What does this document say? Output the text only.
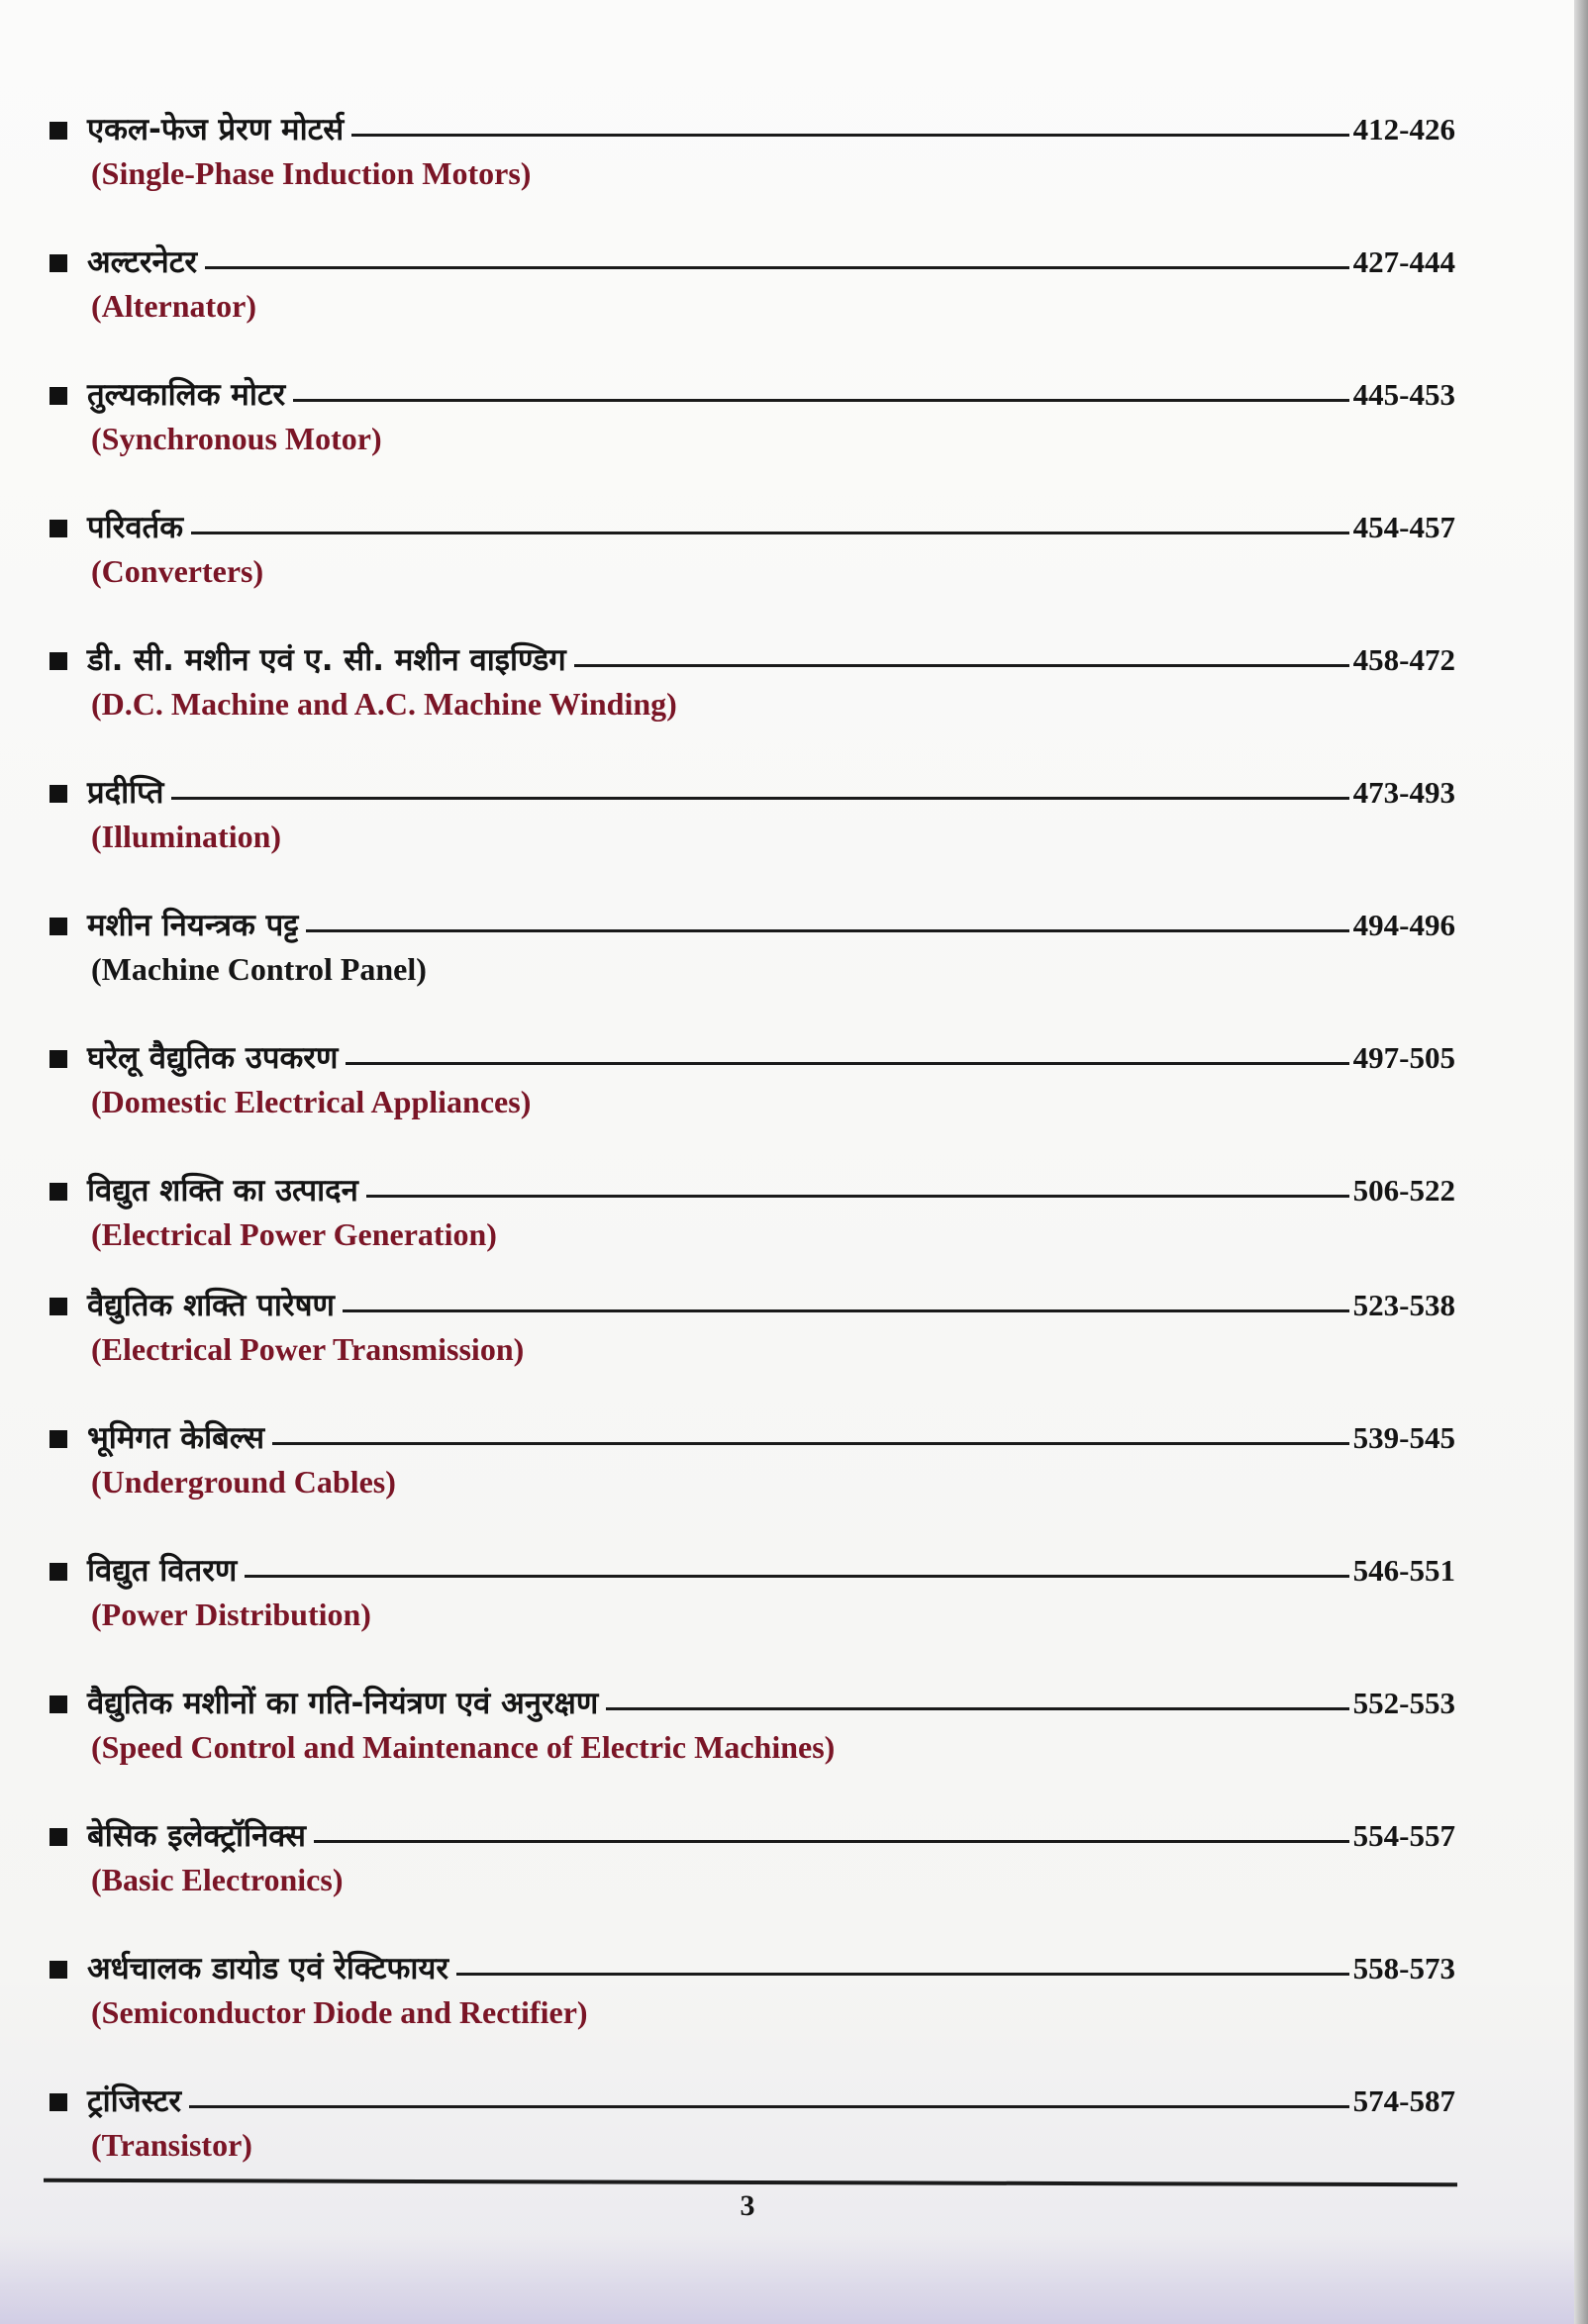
एकल-फेज प्रेरण मोटर्स	412-426
(Single-Phase Induction Motors)
अल्टरनेटर	427-444
(Alternator)
तुल्यकालिक मोटर	445-453
(Synchronous Motor)
परिवर्तक	454-457
(Converters)
डी. सी. मशीन एवं ए. सी. मशीन वाइण्डिग	458-472
(D.C. Machine and A.C. Machine Winding)
प्रदीप्ति	473-493
(Illumination)
मशीन नियन्त्रक पट्ट	494-496
(Machine Control Panel)
घरेलू वैद्युतिक उपकरण	497-505
(Domestic Electrical Appliances)
विद्युत शक्ति का उत्पादन	506-522
(Electrical Power Generation)
वैद्युतिक शक्ति पारेषण	523-538
(Electrical Power Transmission)
भूमिगत केबिल्स	539-545
(Underground Cables)
विद्युत वितरण	546-551
(Power Distribution)
वैद्युतिक मशीनों का गति-नियंत्रण एवं अनुरक्षण	552-553
(Speed Control and Maintenance of Electric Machines)
बेसिक इलेक्ट्रॉनिक्स	554-557
(Basic Electronics)
अर्धचालक डायोड एवं रेक्टिफायर	558-573
(Semiconductor Diode and Rectifier)
ट्रांजिस्टर	574-587
(Transistor)
3
